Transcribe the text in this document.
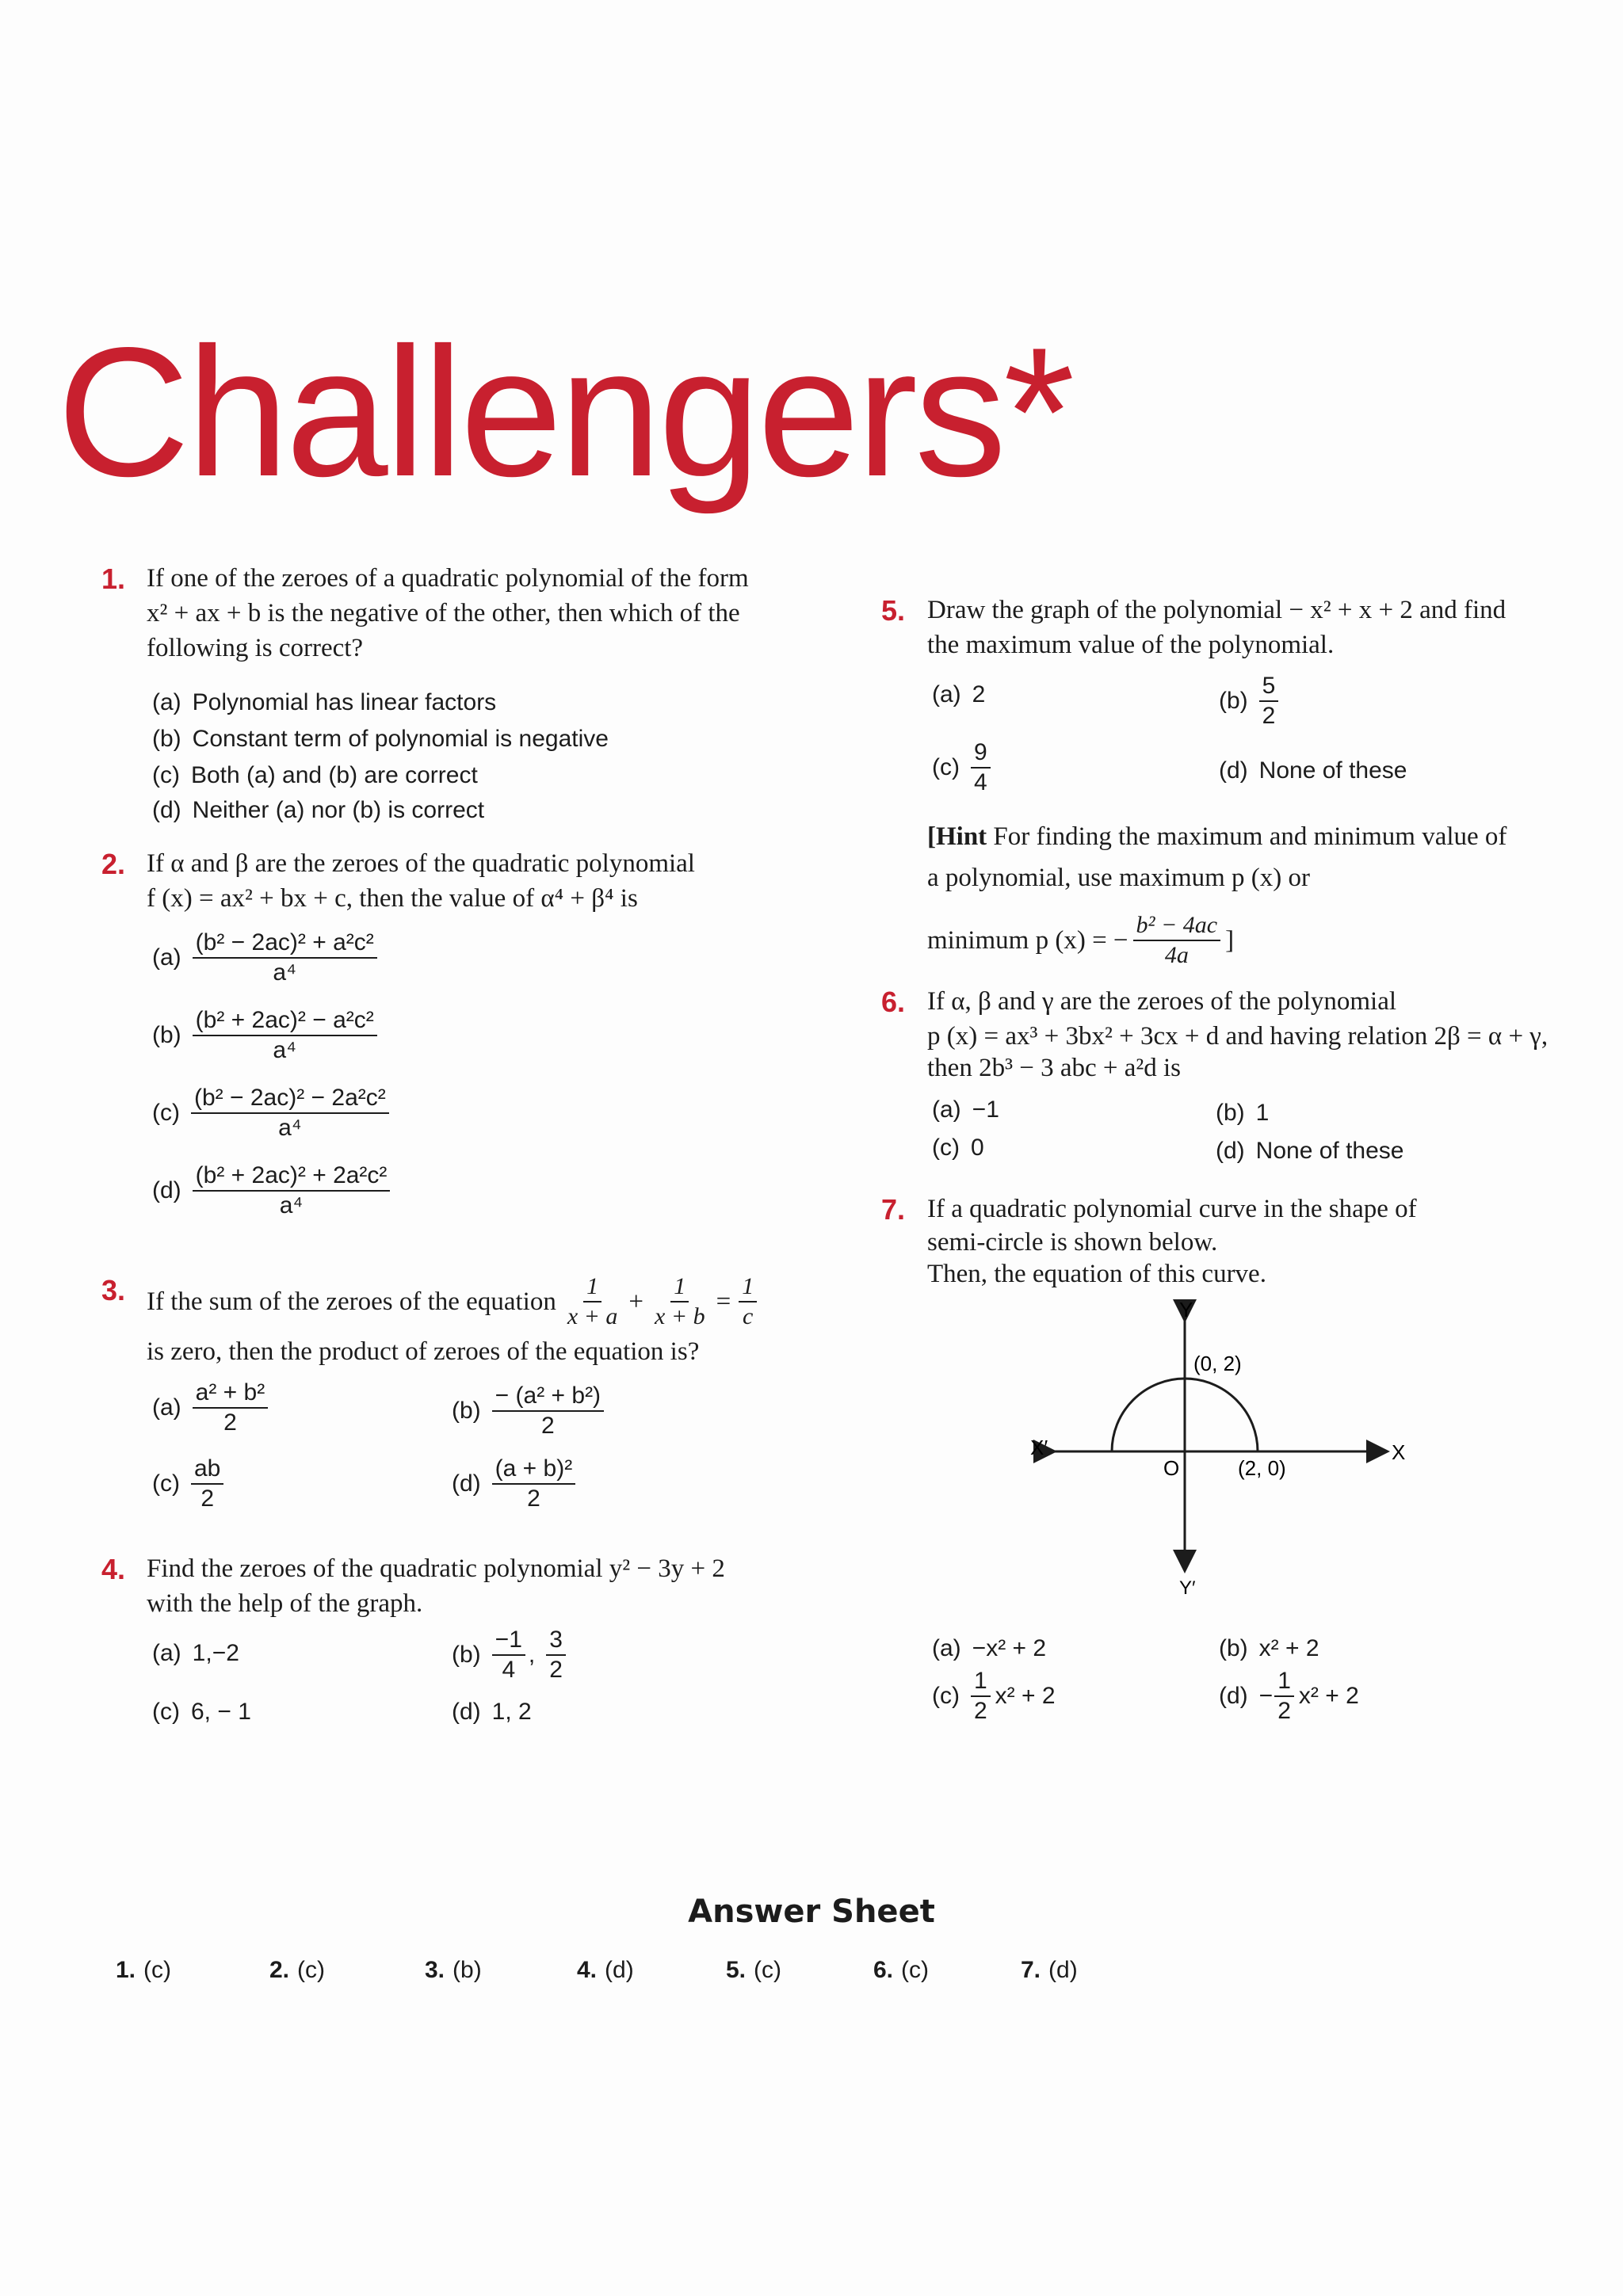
Challengers*
1. If one of the zeroes of a quadratic polynomial of the form
x² + ax + b is the negative of the other, then which of the
following is correct?
(a) Polynomial has linear factors
(b) Constant term of polynomial is negative
(c) Both (a) and (b) are correct
(d) Neither (a) nor (b) is correct
2. If α and β are the zeroes of the quadratic polynomial
f (x) = ax² + bx + c, then the value of α⁴ + β⁴ is
$(a) \frac{\text{(b² − 2ac)² + a²c²}}{\text{a⁴}}$
$(b) \frac{\text{(b² + 2ac)² − a²c²}}{\text{a⁴}}$
$(c) \frac{\text{(b² − 2ac)² − 2a²c²}}{\text{a⁴}}$
$(d) \frac{\text{(b² + 2ac)² + 2a²c²}}{\text{a⁴}}$
3. If the sum of the zeroes of the equation $\frac{1}{x + a} + \frac{1}{x + b} = \frac{1}{c}$
is zero, then the product of zeroes of the equation is?
$(a) \frac{\text{a² + b²}}{2}$	$(b) \frac{\text{− (a² + b²)}}{2}$
$(c) \frac{ab}{2}$	$(d) \frac{\text{(a + b)²}}{2}$
4. Find the zeroes of the quadratic polynomial y² − 3y + 2
with the help of the graph.
(a) 1,−2	$(b) \frac{-1}{4}$ , $\frac{3}{2}$
(c) 6, − 1	(d) 1, 2
5. Draw the graph of the polynomial − x² + x + 2 and find
the maximum value of the polynomial.
(a) 2	$(b) \frac{5}{2}$
$(c) \frac{9}{4}$	(d) None of these
[Hint For finding the maximum and minimum value of
a polynomial, use maximum p (x) or
minimum p (x) = − $\frac{\text{b² − 4ac}}{4a}$ ]
6. If α, β and γ are the zeroes of the polynomial
p (x) = ax³ + 3bx² + 3cx + d and having relation 2β = α + γ,
then 2b³ − 3 abc + a²d is
(a) −1	(b) 1
(c) 0	(d) None of these
7. If a quadratic polynomial curve in the shape of
semi-circle is shown below.
Then, the equation of this curve.
Y
Y′
X
X′
O
(0, 2)
(2, 0)
(a) −x² + 2	(b) x² + 2
$(c) \frac{1}{2} x^2 + 2$	$(d) - \frac{1}{2} x^2 + 2$
Answer Sheet
1. (c)	2. (c)	3. (b)	4. (d)	5. (c)	6. (c)	7. (d)
